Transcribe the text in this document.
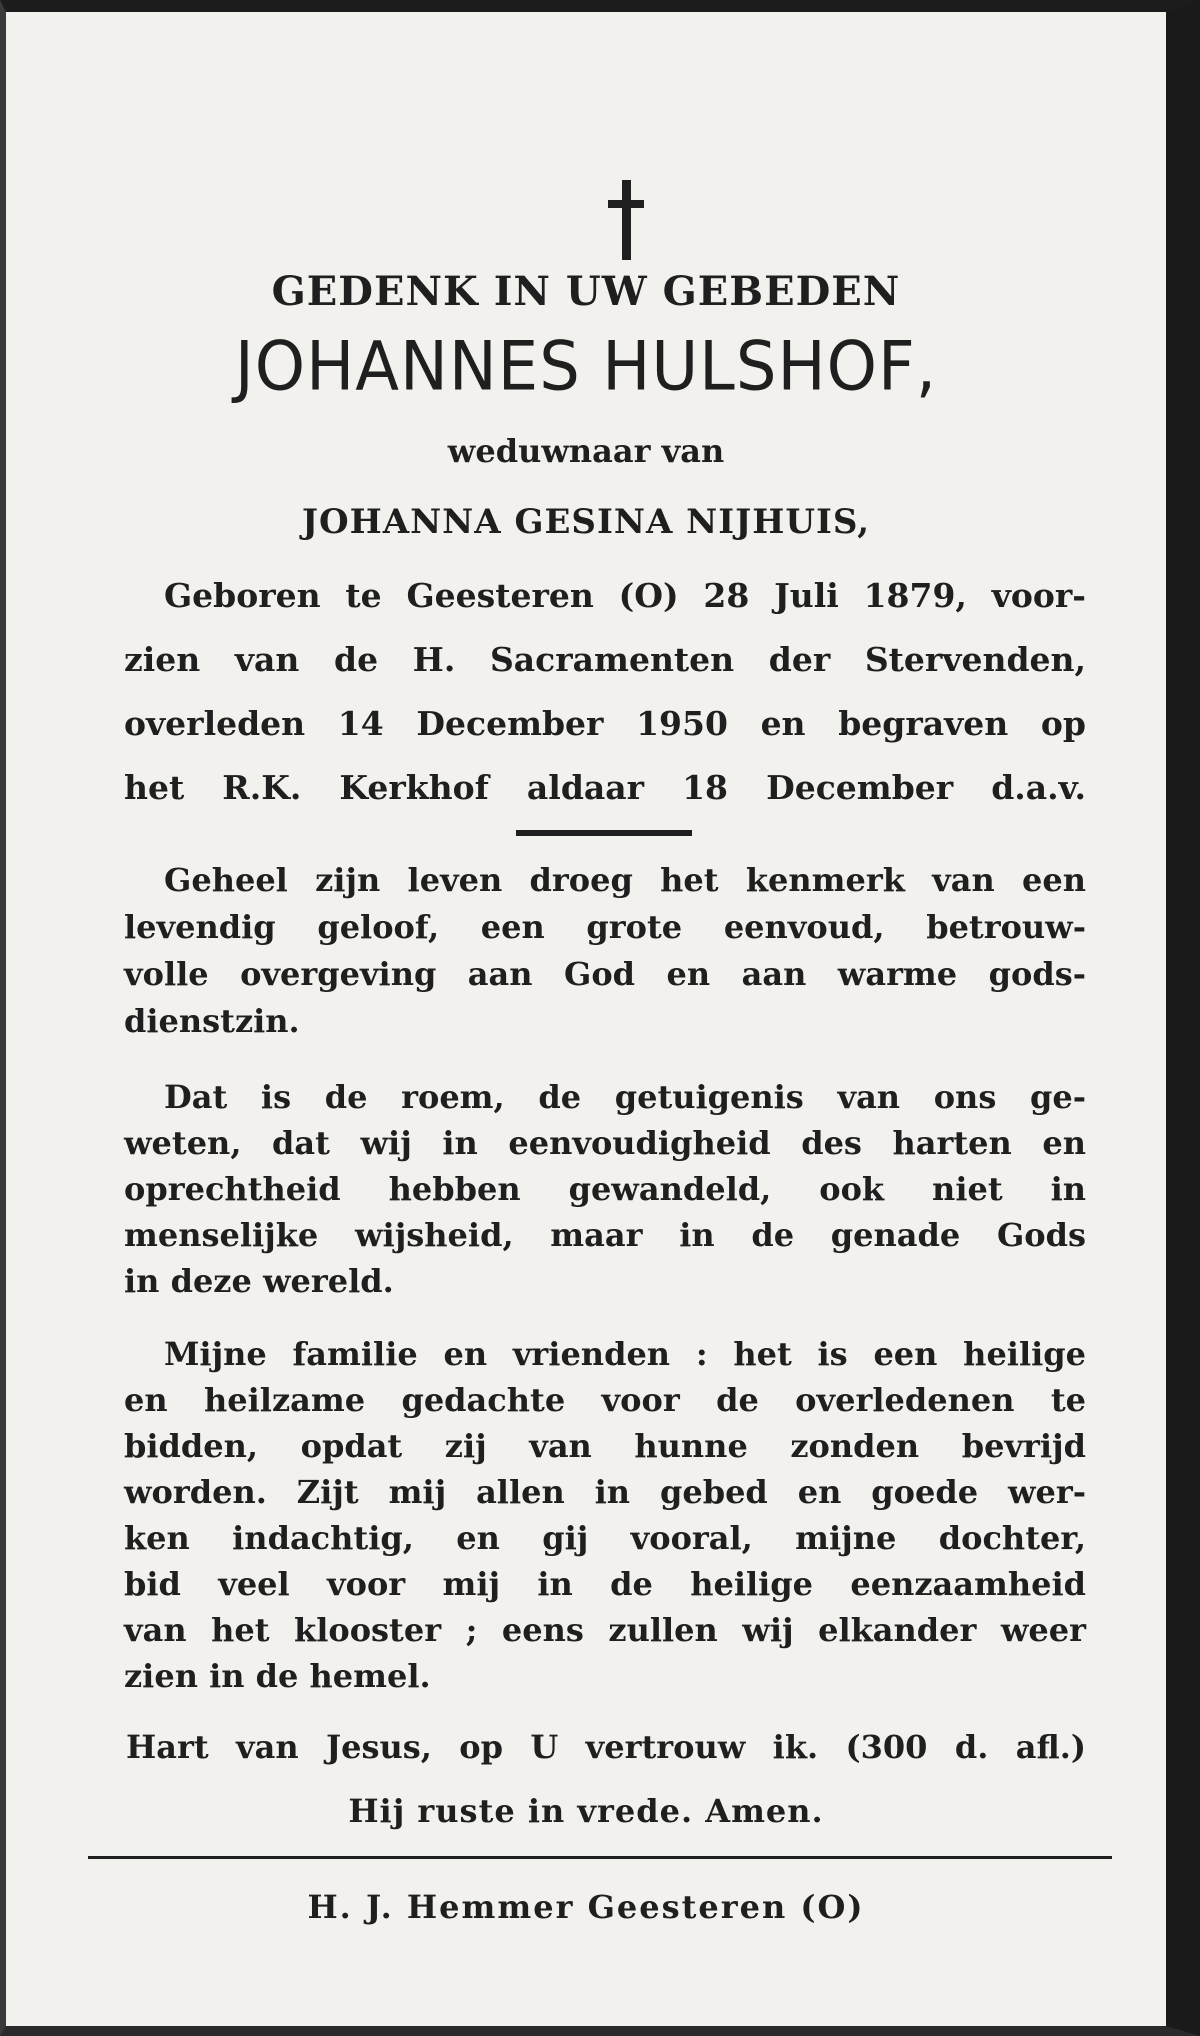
GEDENK IN UW GEBEDEN
JOHANNES HULSHOF,
weduwnaar van
JOHANNA GESINA NIJHUIS,
Geboren te Geesteren (O) 28 Juli 1879, voor-
zien van de H. Sacramenten der Stervenden,
overleden 14 December 1950 en begraven op
het R.K. Kerkhof aldaar 18 December d.a.v.
Geheel zijn leven droeg het kenmerk van een
levendig geloof, een grote eenvoud, betrouw-
volle overgeving aan God en aan warme gods-
dienstzin.
Dat is de roem, de getuigenis van ons ge-
weten, dat wij in eenvoudigheid des harten en
oprechtheid hebben gewandeld, ook niet in
menselijke wijsheid, maar in de genade Gods
in deze wereld.
Mijne familie en vrienden : het is een heilige
en heilzame gedachte voor de overledenen te
bidden, opdat zij van hunne zonden bevrijd
worden. Zijt mij allen in gebed en goede wer-
ken indachtig, en gij vooral, mijne dochter,
bid veel voor mij in de heilige eenzaamheid
van het klooster ; eens zullen wij elkander weer
zien in de hemel.
Hart van Jesus, op U vertrouw ik. (300 d. afl.)
Hij ruste in vrede. Amen.
H. J. Hemmer Geesteren (O)
